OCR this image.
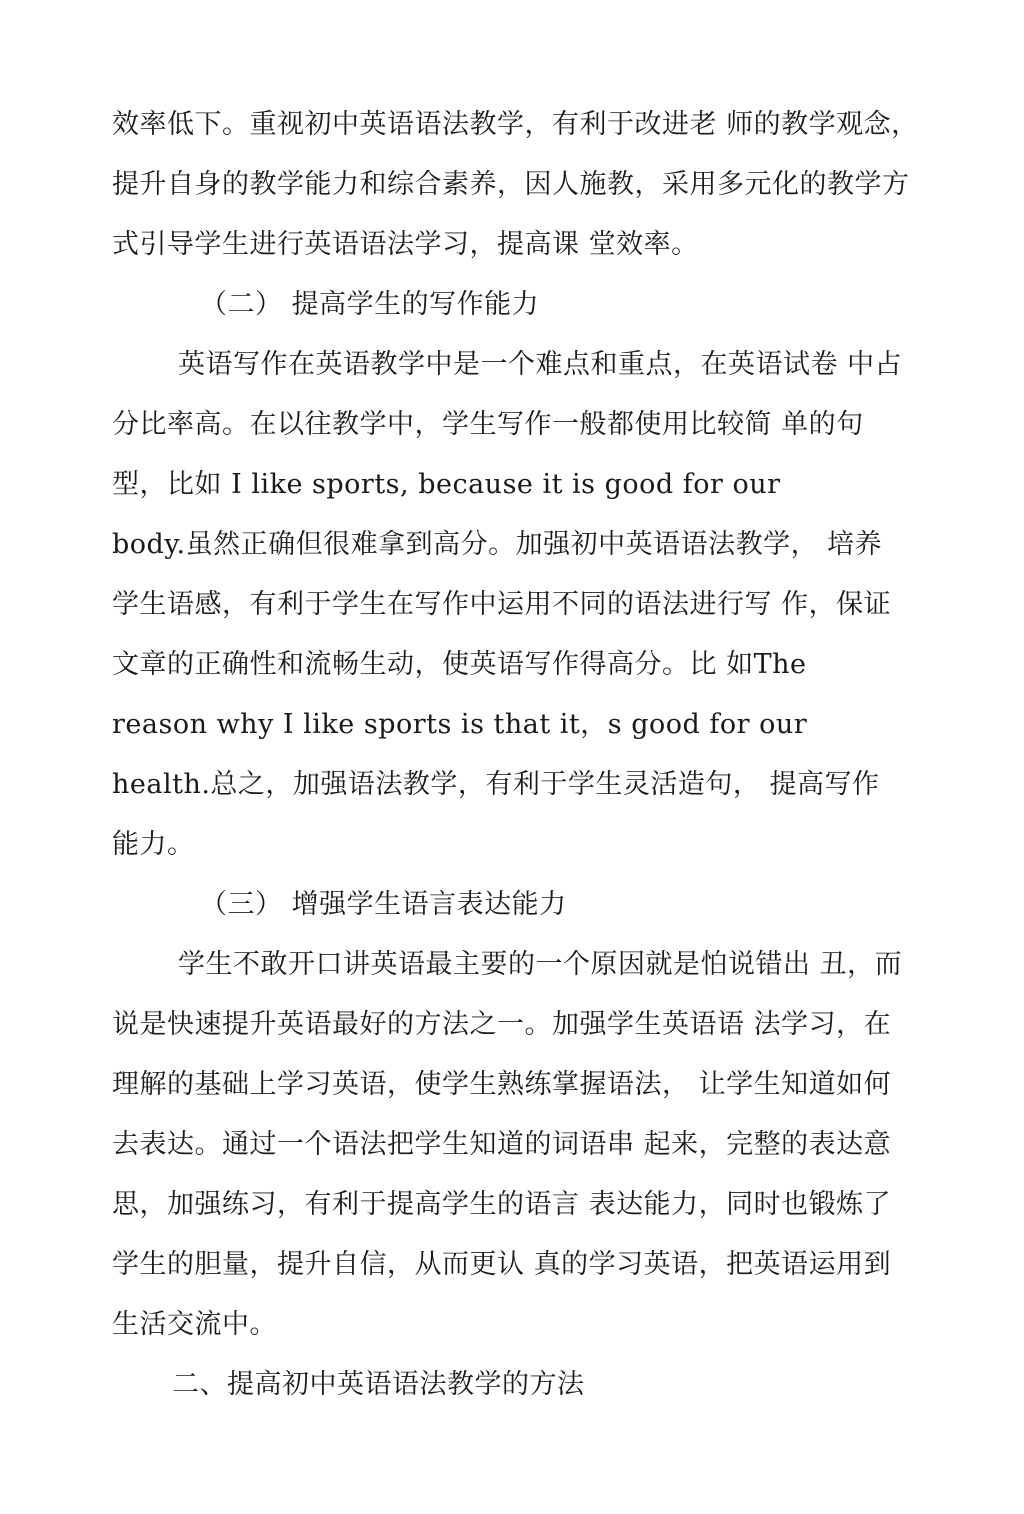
效率低下。重视初中英语语法教学，有利于改进老 师的教学观念，
提升自身的教学能力和综合素养，因人施教，采用多元化的教学方
式引导学生进行英语语法学习，提高课 堂效率。
（二） 提高学生的写作能力
英语写作在英语教学中是一个难点和重点，在英语试卷 中占
分比率高。在以往教学中，学生写作一般都使用比较简 单的句
型，比如 I like sports, because it is good for our
body.虽然正确但很难拿到高分。加强初中英语语法教学， 培养
学生语感，有利于学生在写作中运用不同的语法进行写 作，保证
文章的正确性和流畅生动，使英语写作得高分。比 如The
reason why I like sports is that it，s good for our
health.总之，加强语法教学，有利于学生灵活造句， 提高写作
能力。
（三） 增强学生语言表达能力
学生不敢开口讲英语最主要的一个原因就是怕说错出 丑，而
说是快速提升英语最好的方法之一。加强学生英语语 法学习，在
理解的基础上学习英语，使学生熟练掌握语法， 让学生知道如何
去表达。通过一个语法把学生知道的词语串 起来，完整的表达意
思，加强练习，有利于提高学生的语言 表达能力，同时也锻炼了
学生的胆量，提升自信，从而更认 真的学习英语，把英语运用到
生活交流中。
二、提高初中英语语法教学的方法
